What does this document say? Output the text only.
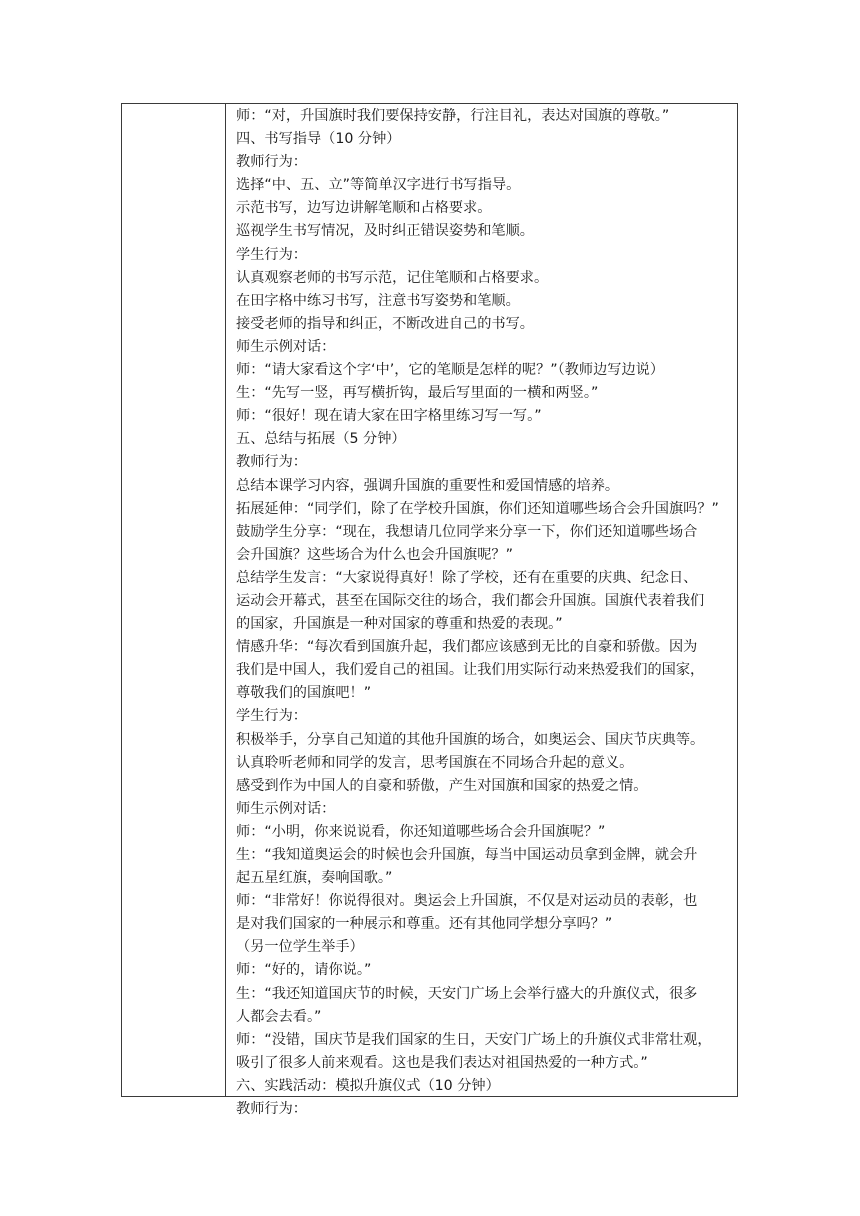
师：“对，升国旗时我们要保持安静，行注目礼，表达对国旗的尊敬。”
四、书写指导（10 分钟）
教师行为：
选择“中、五、立”等简单汉字进行书写指导。
示范书写，边写边讲解笔顺和占格要求。
巡视学生书写情况，及时纠正错误姿势和笔顺。
学生行为：
认真观察老师的书写示范，记住笔顺和占格要求。
在田字格中练习书写，注意书写姿势和笔顺。
接受老师的指导和纠正，不断改进自己的书写。
师生示例对话：
师：“请大家看这个字‘中’，它的笔顺是怎样的呢？”（教师边写边说）
生：“先写一竖，再写横折钩，最后写里面的一横和两竖。”
师：“很好！现在请大家在田字格里练习写一写。”
五、总结与拓展（5 分钟）
教师行为：
总结本课学习内容，强调升国旗的重要性和爱国情感的培养。
拓展延伸：“同学们，除了在学校升国旗，你们还知道哪些场合会升国旗吗？”
鼓励学生分享：“现在，我想请几位同学来分享一下，你们还知道哪些场合
会升国旗？这些场合为什么也会升国旗呢？”
总结学生发言：“大家说得真好！除了学校，还有在重要的庆典、纪念日、
运动会开幕式，甚至在国际交往的场合，我们都会升国旗。国旗代表着我们
的国家，升国旗是一种对国家的尊重和热爱的表现。”
情感升华：“每次看到国旗升起，我们都应该感到无比的自豪和骄傲。因为
我们是中国人，我们爱自己的祖国。让我们用实际行动来热爱我们的国家，
尊敬我们的国旗吧！”
学生行为：
积极举手，分享自己知道的其他升国旗的场合，如奥运会、国庆节庆典等。
认真聆听老师和同学的发言，思考国旗在不同场合升起的意义。
感受到作为中国人的自豪和骄傲，产生对国旗和国家的热爱之情。
师生示例对话：
师：“小明，你来说说看，你还知道哪些场合会升国旗呢？”
生：“我知道奥运会的时候也会升国旗，每当中国运动员拿到金牌，就会升
起五星红旗，奏响国歌。”
师：“非常好！你说得很对。奥运会上升国旗，不仅是对运动员的表彰，也
是对我们国家的一种展示和尊重。还有其他同学想分享吗？”
（另一位学生举手）
师：“好的，请你说。”
生：“我还知道国庆节的时候，天安门广场上会举行盛大的升旗仪式，很多
人都会去看。”
师：“没错，国庆节是我们国家的生日，天安门广场上的升旗仪式非常壮观，
吸引了很多人前来观看。这也是我们表达对祖国热爱的一种方式。”
六、实践活动：模拟升旗仪式（10 分钟）
教师行为：
